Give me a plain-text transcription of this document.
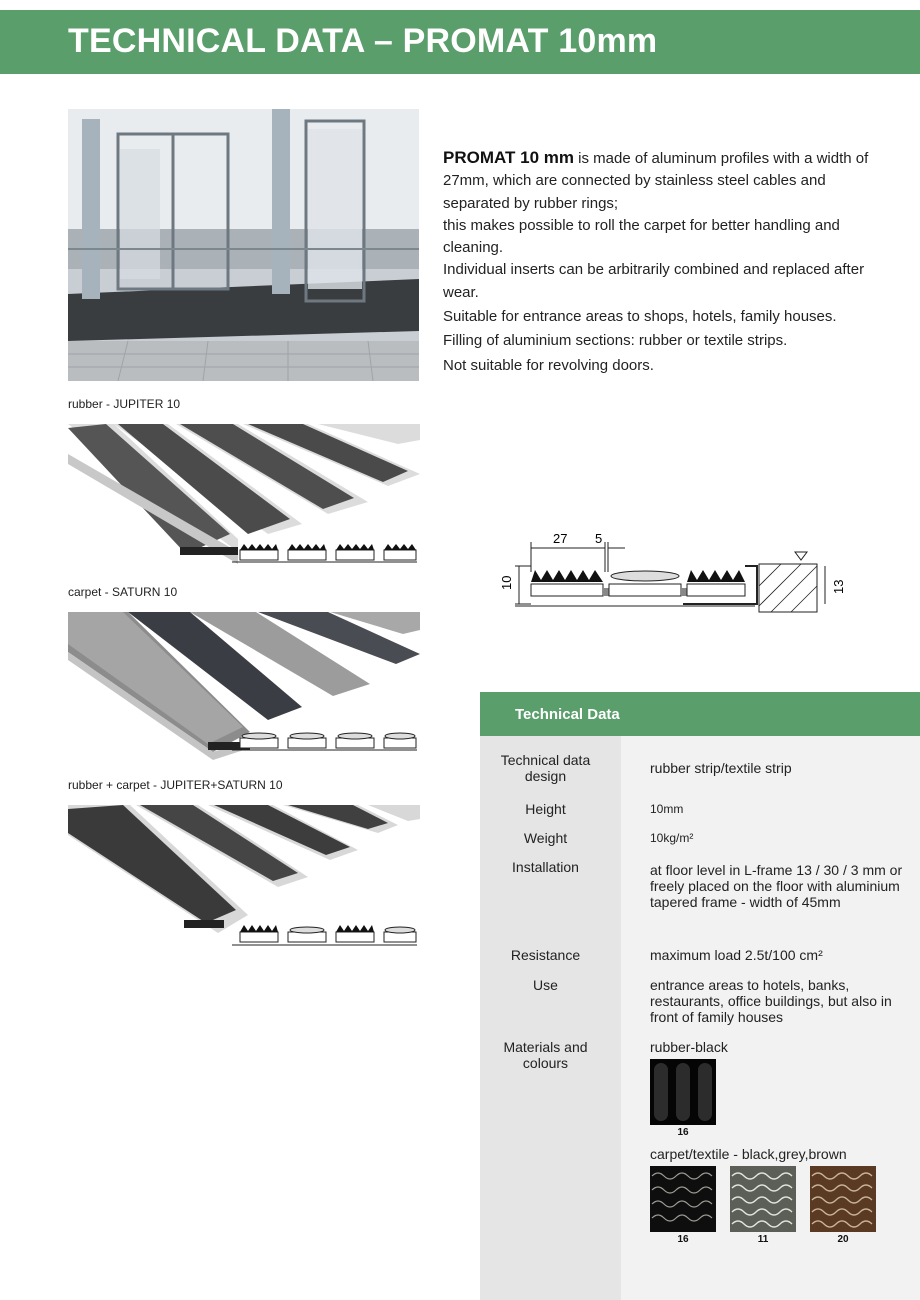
TECHNICAL DATA – PROMAT 10mm

PROMAT 10 mm is made of aluminum profiles with a width of 27mm, which are connected by stainless steel cables and separated by rubber rings;

this makes possible to roll the carpet for better handling and cleaning.

Individual inserts can be arbitrarily combined and replaced after wear.

Suitable for entrance areas to shops, hotels, family houses.

Filling of aluminium sections: rubber or textile strips.

Not suitable for revolving doors.

rubber - JUPITER 10
carpet - SATURN 10
rubber + carpet - JUPITER+SATURN 10
27 5
10	13
Technical Data
Technical data design	rubber strip/textile strip
Height	10mm
Weight	10kg/m²
Installation	at floor level in L-frame 13 / 30 / 3 mm or freely placed on the floor with aluminium tapered frame - width of 45mm
Resistance	maximum load 2.5t/100 cm²
Use	entrance areas to hotels, banks, restaurants, office buildings, but also in front of family houses
Materials and colours
rubber-black
16
carpet/textile - black,grey,brown
16	11	20
